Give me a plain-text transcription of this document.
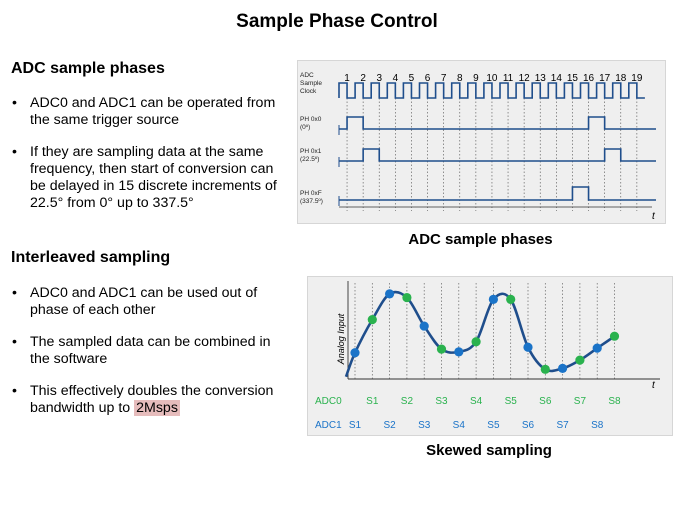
Sample Phase Control
ADC sample phases
• ADC0 and ADC1 can be operated from the same trigger source
• If they are sampling data at the same frequency, then start of conversion can be delayed in 15 discrete increments of 22.5° from 0° up to 337.5°
Interleaved sampling
• ADC0 and ADC1 can be used out of phase of each other
• The sampled data can be combined in the software
• This effectively doubles the conversion bandwidth up to 2Msps
ADC
Sample
Clock
1 2 3 4 5 6 7 8 9 10 11 12 13 14 15 16 17 18 19
PH 0x0
(0º)
PH 0x1
(22.5º)
PH 0xF
(337.5º)
t
ADC sample phases
Analog Input
t
ADC0
ADC1
S1 S2 S3 S4 S5 S6 S7 S8
S1 S2 S3 S4 S5 S6 S7 S8
Skewed sampling
